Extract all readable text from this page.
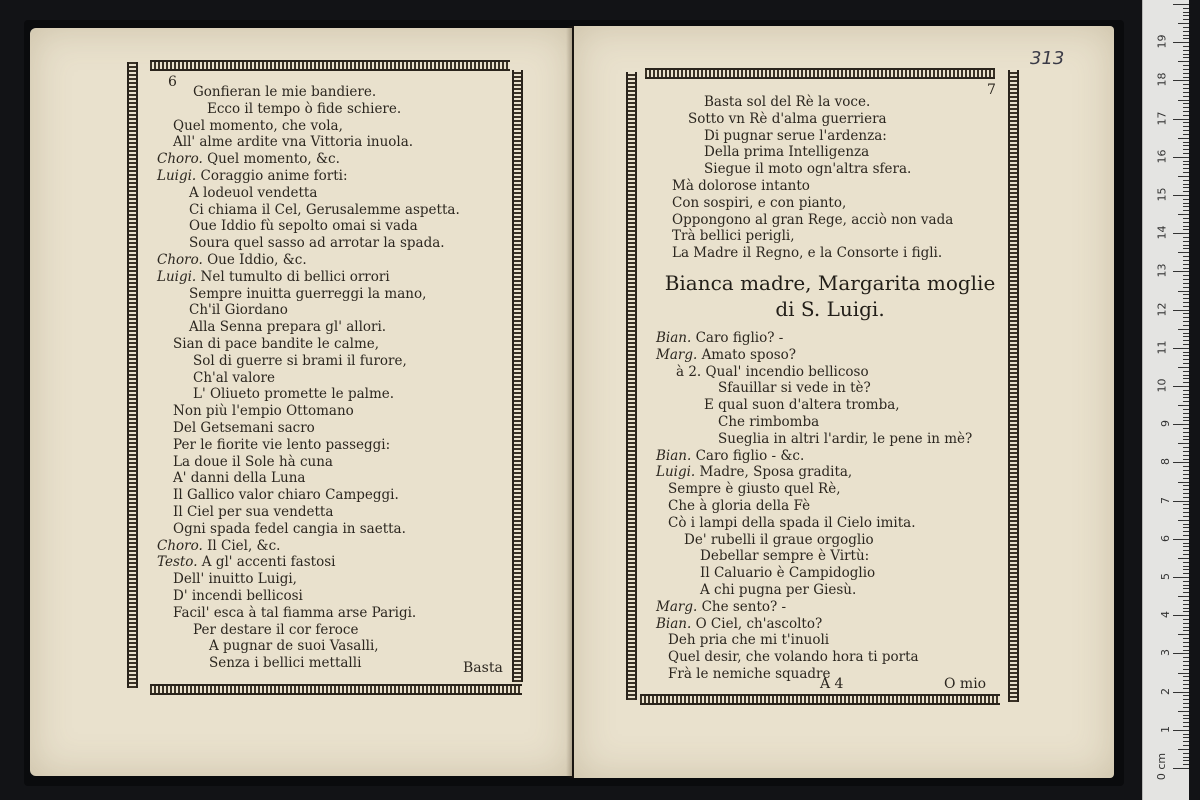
6
Gonfieran le mie bandiere.
Ecco il tempo ò fide schiere.
Quel momento, che vola,
All' alme ardite vna Vittoria inuola.
Choro. Quel momento, &c.
Luigi. Coraggio anime forti:
A lodeuol vendetta
Ci chiama il Cel, Gerusalemme aspetta.
Oue Iddio fù sepolto omai si vada
Soura quel sasso ad arrotar la spada.
Choro. Oue Iddio, &c.
Luigi. Nel tumulto di bellici orrori
Sempre inuitta guerreggi la mano,
Ch'il Giordano
Alla Senna prepara gl' allori.
Sian di pace bandite le calme,
Sol di guerre si brami il furore,
Ch'al valore
L' Oliueto promette le palme.
Non più l'empio Ottomano
Del Getsemani sacro
Per le fiorite vie lento passeggi:
La doue il Sole hà cuna
A' danni della Luna
Il Gallico valor chiaro Campeggi.
Il Ciel per sua vendetta
Ogni spada fedel cangia in saetta.
Choro. Il Ciel, &c.
Testo. A gl' accenti fastosi
Dell' inuitto Luigi,
D' incendi bellicosi
Facil' esca à tal fiamma arse Parigi.
Per destare il cor feroce
A pugnar de suoi Vasalli,
Senza i bellici mettalli	Basta
7
313
Basta sol del Rè la voce.
Sotto vn Rè d'alma guerriera
Di pugnar serue l'ardenza:
Della prima Intelligenza
Siegue il moto ogn'altra sfera.
Mà dolorose intanto
Con sospiri, e con pianto,
Oppongono al gran Rege, acciò non vada
Trà bellici perigli,
La Madre il Regno, e la Consorte i figli.
Bianca madre, Margarita moglie
di S. Luigi.
Bian. Caro figlio? -
Marg. Amato sposo?
à 2. Qual' incendio bellicoso
Sfauillar si vede in tè?
E qual suon d'altera tromba,
Che rimbomba
Sueglia in altri l'ardir, le pene in mè?
Bian. Caro figlio - &c.
Luigi. Madre, Sposa gradita,
Sempre è giusto quel Rè,
Che à gloria della Fè
Cò i lampi della spada il Cielo imita.
De' rubelli il graue orgoglio
Debellar sempre è Virtù:
Il Caluario è Campidoglio
A chi pugna per Giesù.
Marg. Che sento? -
Bian. O Ciel, ch'ascolto?
Deh pria che mi t'inuoli
Quel desir, che volando hora ti porta
Frà le nemiche squadre
A 4	O mio
1
2
3
4
5
6
7
8
9
10
11
12
13
14
15
16
17
18
19
0 cm
